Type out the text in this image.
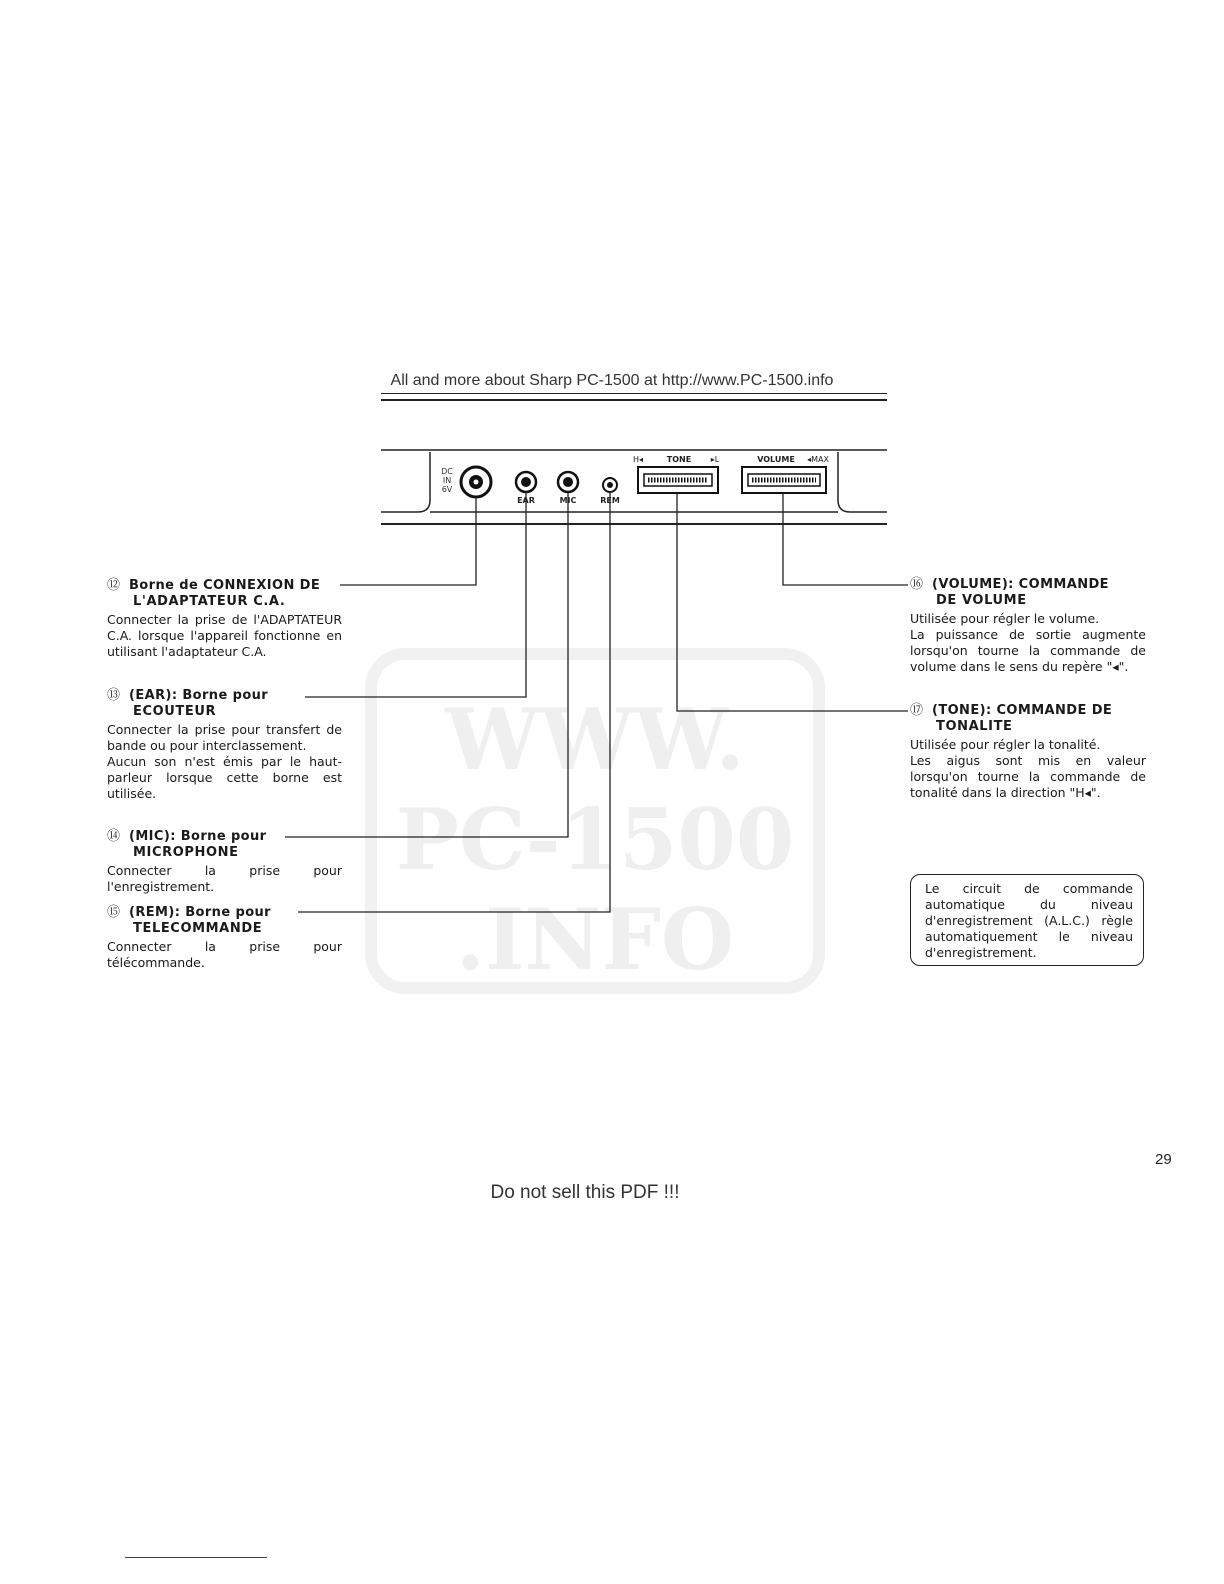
All and more about Sharp PC-1500 at http://www.PC-1500.info
WWW.
PC-1500
.INFO
DC
IN
6V
EAR	MIC	REM
H◂	TONE ▸L	VOLUME ◂MAX
⑫ Borne de CONNEXION DE
L'ADAPTATEUR C.A.
Connecter la prise de l'ADAPTATEUR C.A. lorsque l'appareil fonctionne en utilisant l'adaptateur C.A.
⑬ (EAR): Borne pour
ECOUTEUR
Connecter la prise pour transfert de bande ou pour interclassement.
Aucun son n'est émis par le haut-parleur lorsque cette borne est utilisée.
⑭ (MIC): Borne pour
MICROPHONE
Connecter la prise pour l'enregistrement.
⑮ (REM): Borne pour
TELECOMMANDE
Connecter la prise pour télécommande.
⑯ (VOLUME): COMMANDE
DE VOLUME
Utilisée pour régler le volume.
La puissance de sortie augmente lorsqu'on tourne la commande de volume dans le sens du repère "◂".
⑰ (TONE): COMMANDE DE
TONALITE
Utilisée pour régler la tonalité.
Les aigus sont mis en valeur lorsqu'on tourne la commande de tonalité dans la direction "H◂".
Le circuit de commande automatique du niveau d'enregistrement (A.L.C.) règle automatiquement le niveau d'enregistrement.
29
Do not sell this PDF !!!
